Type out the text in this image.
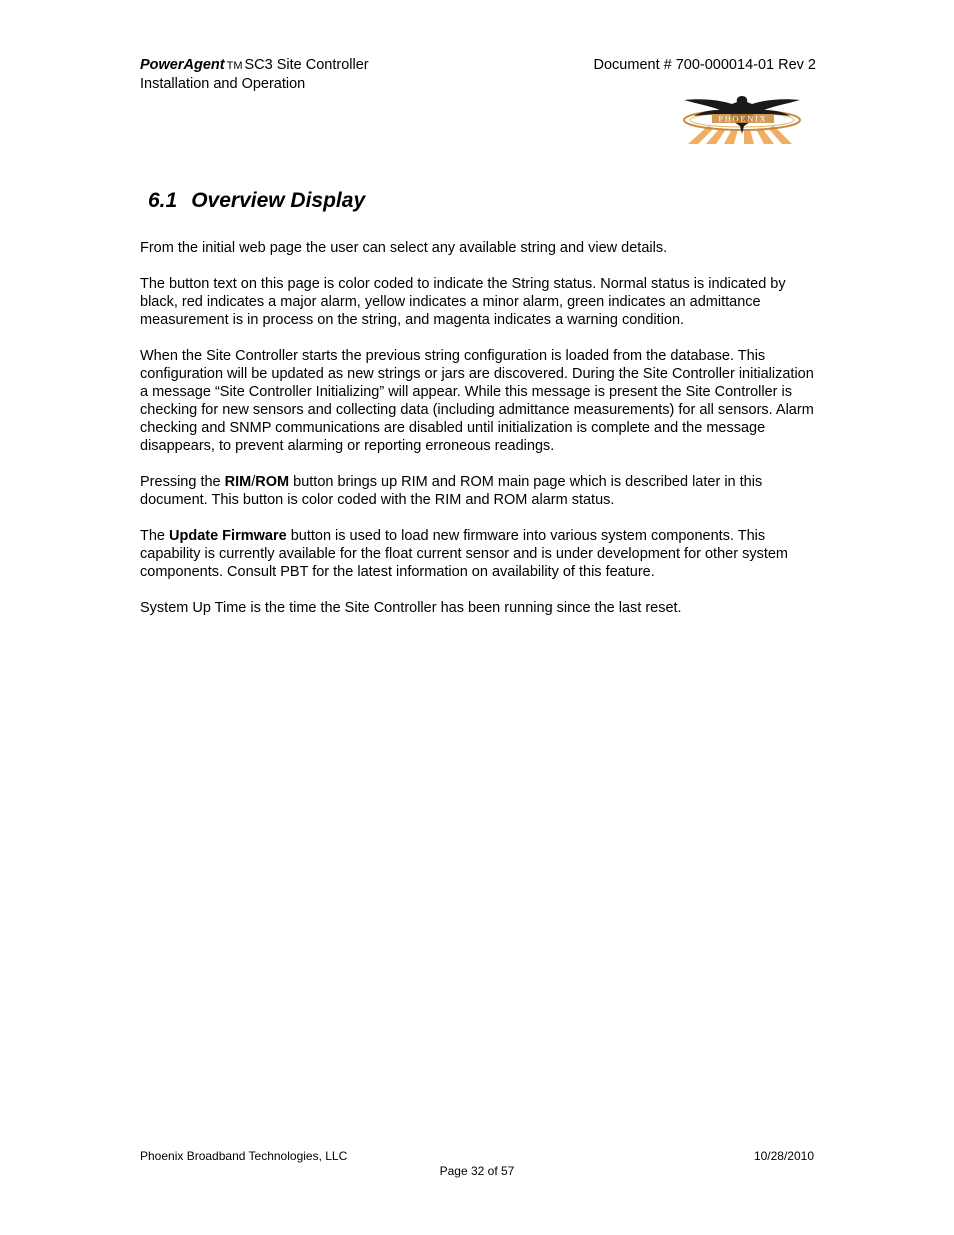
PowerAgent TM SC3 Site Controller
Installation and Operation
Document # 700-000014-01 Rev 2
PHOENIX
6.1 Overview Display

From the initial web page the user can select any available string and view details.

The button text on this page is color coded to indicate the String status. Normal status is indicated by black, red indicates a major alarm, yellow indicates a minor alarm, green indicates an admittance measurement is in process on the string, and magenta indicates a warning condition.

When the Site Controller starts the previous string configuration is loaded from the database. This configuration will be updated as new strings or jars are discovered. During the Site Controller initialization a message “Site Controller Initializing” will appear. While this message is present the Site Controller is checking for new sensors and collecting data (including admittance measurements) for all sensors. Alarm checking and SNMP communications are disabled until initialization is complete and the message disappears, to prevent alarming or reporting erroneous readings.

Pressing the RIM/ROM button brings up RIM and ROM main page which is described later in this document. This button is color coded with the RIM and ROM alarm status.

The Update Firmware button is used to load new firmware into various system components. This capability is currently available for the float current sensor and is under development for other system components. Consult PBT for the latest information on availability of this feature.

System Up Time is the time the Site Controller has been running since the last reset.

Phoenix Broadband Technologies, LLC	10/28/2010
Page 32 of 57
